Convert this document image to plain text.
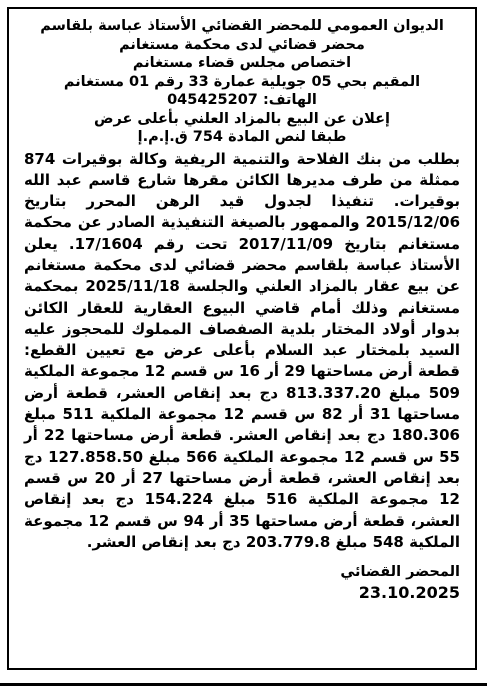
الديوان العمومي للمحضر القضائي الأستاذ عباسة بلقاسم

محضر قضائي لدى محكمة مستغانم

اختصاص مجلس قضاء مستغانم

المقيم بحي 05 جويلية عمارة 33 رقم 01 مستغانم

الهاتف: 045425207

إعلان عن البيع بالمزاد العلني بأعلى عرض

طبقا لنص المادة 754 ق.إ.م.إ

بطلب من بنك الفلاحة والتنمية الريفية وكالة بوقيرات 874 ممثلة من طرف مديرها الكائن مقرها شارع قاسم عبد الله بوقيرات. تنفيذا لجدول قيد الرهن المحرر بتاريخ 2015/12/06 والممهور بالصيغة التنفيذية الصادر عن محكمة مستغانم بتاريخ 2017/11/09 تحت رقم 17/1604. يعلن الأستاذ عباسة بلقاسم محضر قضائي لدى محكمة مستغانم عن بيع عقار بالمزاد العلني والجلسة 2025/11/18 بمحكمة مستغانم وذلك أمام قاضي البيوع العقارية للعقار الكائن بدوار أولاد المختار بلدية الصفصاف المملوك للمحجوز عليه السيد بلمختار عبد السلام بأعلى عرض مع تعيين القطع: قطعة أرض مساحتها 29 أر 16 س قسم 12 مجموعة الملكية 509 مبلغ 813.337.20 دج بعد إنقاص العشر، قطعة أرض مساحتها 31 أر 82 س قسم 12 مجموعة الملكية 511 مبلغ 180.306 دج بعد إنقاص العشر. قطعة أرض مساحتها 22 أر 55 س قسم 12 مجموعة الملكية 566 مبلغ 127.858.50 دج بعد إنقاص العشر، قطعة أرض مساحتها 27 أر 20 س قسم 12 مجموعة الملكية 516 مبلغ 154.224 دج بعد إنقاص العشر، قطعة أرض مساحتها 35 أر 94 س قسم 12 مجموعة الملكية 548 مبلغ 203.779.8 دج بعد إنقاص العشر.

المحضر القضائي
23.10.2025
